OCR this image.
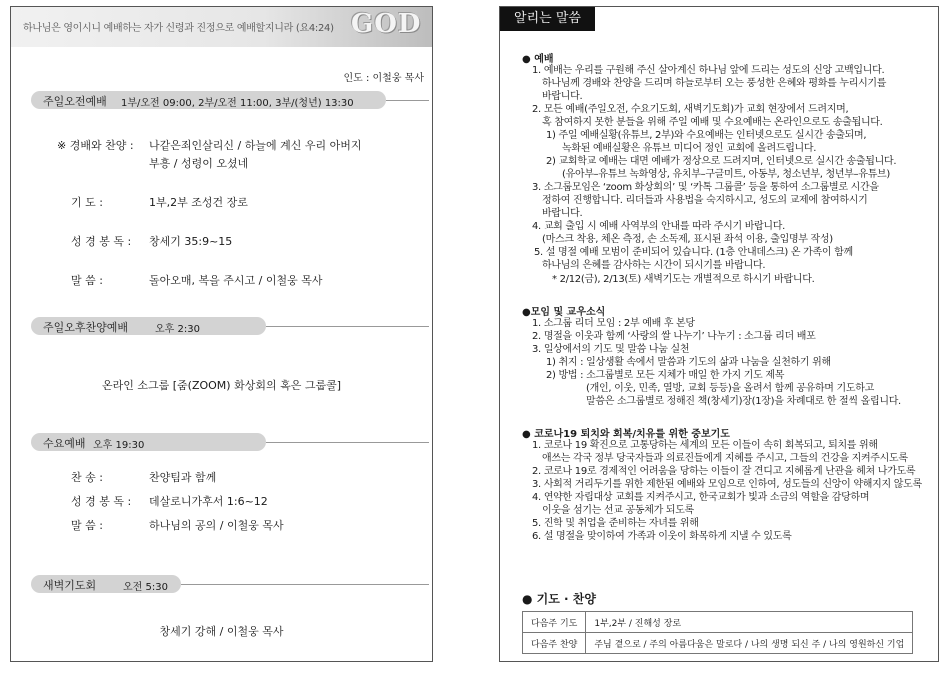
하나님은 영이시니 예배하는 자가 신령과 진정으로 예배할지니라 (요4:24) GOD
인도 : 이철웅 목사
주일오전예배 1부/오전 09:00, 2부/오전 11:00, 3부/(청년) 13:30
※ 경배와 찬양 : 나같은죄인살리신 / 하늘에 계신 우리 아버지
부흥 / 성령이 오셨네
기 도 :	1부,2부 조성건 장로
성 경 봉 독 : 창세기 35:9~15
말 씀 :	돌아오매, 복을 주시고 / 이철웅 목사
주일오후찬양예배	오후 2:30
온라인 소그룹 [줌(ZOOM) 화상회의 혹은 그룹콜]
수요예배 오후 19:30
찬 송 :	찬양팀과 함께
성 경 봉 독 : 데살로니가후서 1:6~12
말 씀 :	하나님의 공의 / 이철웅 목사
새벽기도회	오전 5:30
창세기 강해 / 이철웅 목사
알리는 말씀
● 예배
1. 예배는 우리를 구원해 주신 살아계신 하나님 앞에 드리는 성도의 신앙 고백입니다.
하나님께 경배와 찬양을 드리며 하늘로부터 오는 풍성한 은혜와 평화를 누리시기를
바랍니다.
2. 모든 예배(주일오전, 수요기도회, 새벽기도회)가 교회 현장에서 드려지며,
혹 참여하지 못한 분들을 위해 주일 예배 및 수요예배는 온라인으로도 송출됩니다.
1) 주일 예배실황(유튜브, 2부)와 수요예배는 인터넷으로도 실시간 송출되며,
녹화된 예배실황은 유튜브 미디어 정인 교회에 올려드립니다.
2) 교회학교 예배는 대면 예배가 정상으로 드려지며, 인터넷으로 실시간 송출됩니다.
(유아부–유튜브 녹화영상, 유치부–구글미트, 아동부, 청소년부, 청년부–유튜브)
3. 소그룹모임은 ‘zoom 화상회의’ 및 ‘카톡 그룹콜’ 등을 통하여 소그룹별로 시간을
정하여 진행합니다. 리더들과 사용법을 숙지하시고, 성도의 교제에 참여하시기
바랍니다.
4. 교회 출입 시 예배 사역부의 안내를 따라 주시기 바랍니다.
(마스크 착용, 체온 측정, 손 소독제, 표시된 좌석 이용, 출입명부 작성)
5. 설 명절 예배 모범이 준비되어 있습니다. (1층 안내데스크) 온 가족이 함께
하나님의 은혜를 감사하는 시간이 되시기를 바랍니다.
* 2/12(금), 2/13(토) 새벽기도는 개별적으로 하시기 바랍니다.
●모임 및 교우소식
1. 소그룹 리더 모임 : 2부 예배 후 본당
2. 명절을 이웃과 함께 ‘사랑의 쌀 나누기’ 나누기 : 소그룹 리더 배포
3. 일상에서의 기도 및 말씀 나눔 실천
1) 취지 : 일상생활 속에서 말씀과 기도의 삶과 나눔을 실천하기 위해
2) 방법 : 소그룹별로 모든 지체가 매일 한 가지 기도 제목
(개인, 이웃, 민족, 열방, 교회 등등)을 올려서 함께 공유하며 기도하고
말씀은 소그룹별로 정해진 책(창세기)장(1장)을 차례대로 한 절씩 올립니다.
● 코로나19 퇴치와 회복/치유를 위한 중보기도
1. 코로나 19 확진으로 고통당하는 세계의 모든 이들이 속히 회복되고, 퇴치를 위해
애쓰는 각국 정부 당국자들과 의료진들에게 지혜를 주시고, 그들의 건강을 지켜주시도록
2. 코로나 19로 경제적인 어려움을 당하는 이들이 잘 견디고 지혜롭게 난관을 헤쳐 나가도록
3. 사회적 거리두기를 위한 제한된 예배와 모임으로 인하여, 성도들의 신앙이 약해지지 않도록
4. 연약한 자립대상 교회를 지켜주시고, 한국교회가 빛과 소금의 역할을 감당하며
이웃을 섬기는 선교 공동체가 되도록
5. 진학 및 취업을 준비하는 자녀를 위해
6. 설 명절을 맞이하여 가족과 이웃이 화목하게 지낼 수 있도록
● 기도 · 찬양
다음주 기도	1부,2부 / 진해성 장로
다음주 찬양	주님 곁으로 / 주의 아름다움은 말로다 / 나의 생명 되신 주 / 나의 영원하신 기업
